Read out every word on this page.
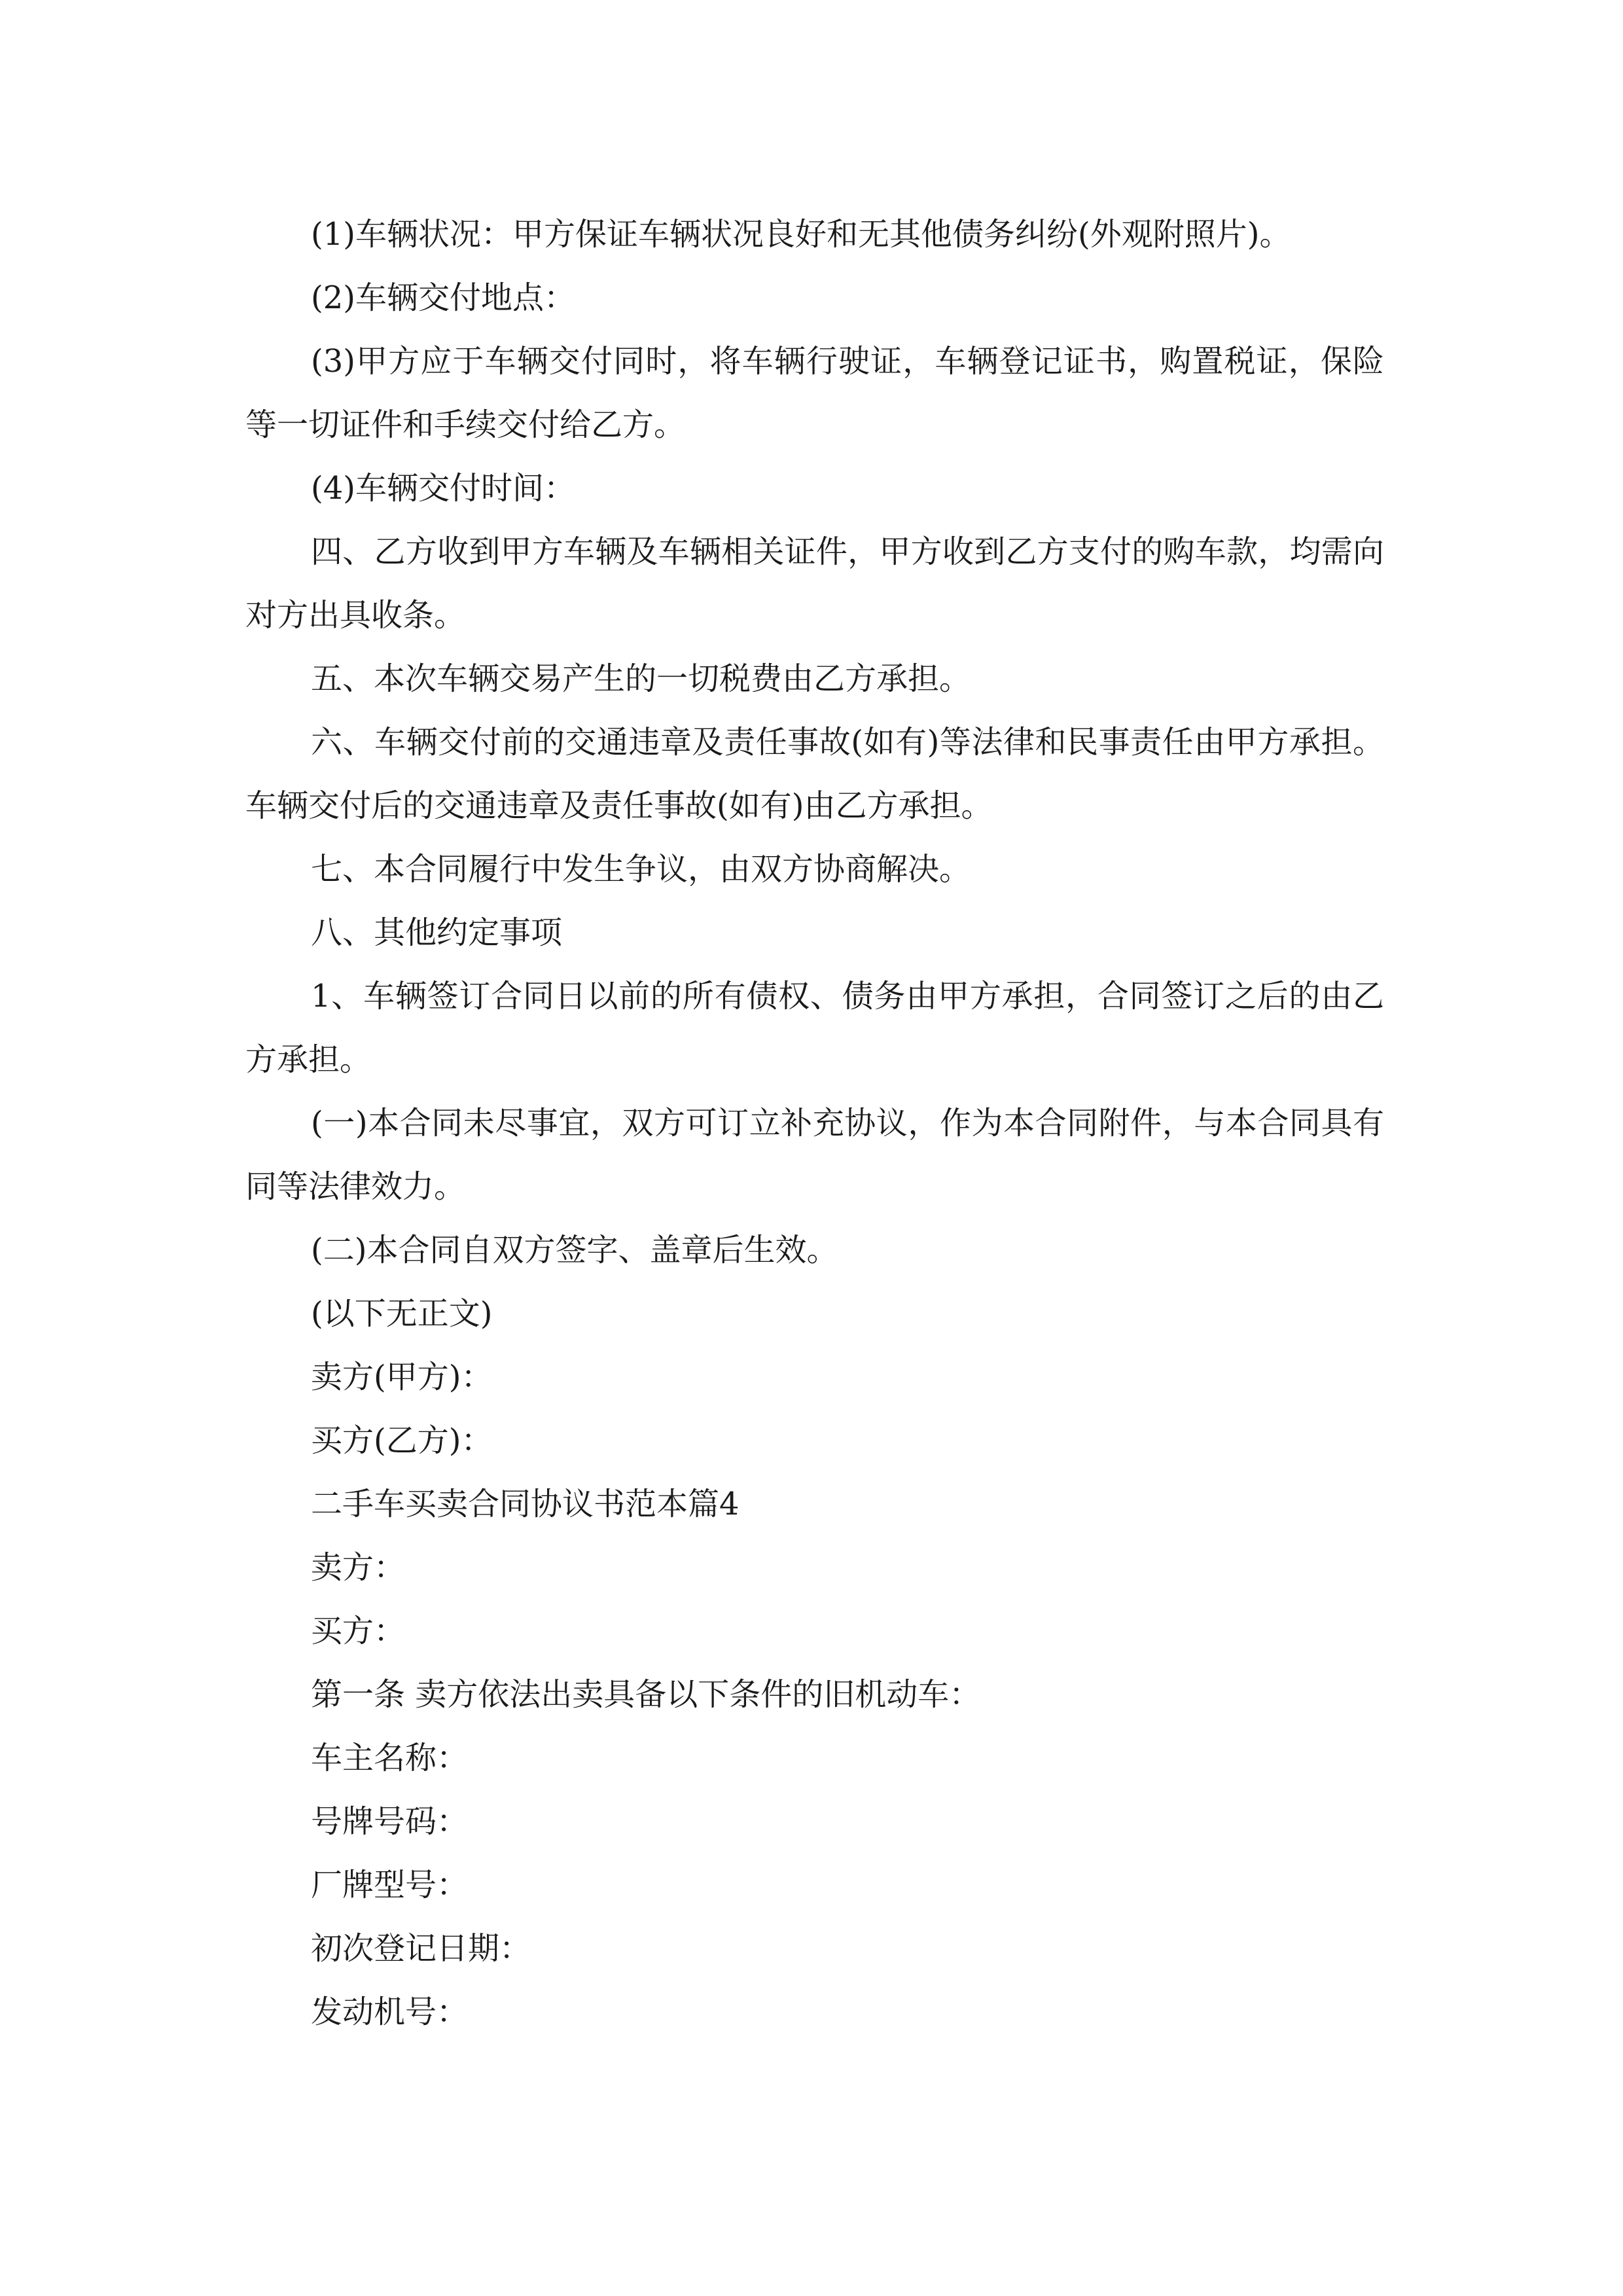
(1)车辆状况：甲方保证车辆状况良好和无其他债务纠纷(外观附照片)。

(2)车辆交付地点：

(3)甲方应于车辆交付同时，将车辆行驶证，车辆登记证书，购置税证，保险等一切证件和手续交付给乙方。

(4)车辆交付时间：

四、乙方收到甲方车辆及车辆相关证件，甲方收到乙方支付的购车款，均需向对方出具收条。

五、本次车辆交易产生的一切税费由乙方承担。

六、车辆交付前的交通违章及责任事故(如有)等法律和民事责任由甲方承担。车辆交付后的交通违章及责任事故(如有)由乙方承担。

七、本合同履行中发生争议，由双方协商解决。

八、其他约定事项

1、车辆签订合同日以前的所有债权、债务由甲方承担，合同签订之后的由乙方承担。

(一)本合同未尽事宜，双方可订立补充协议，作为本合同附件，与本合同具有同等法律效力。

(二)本合同自双方签字、盖章后生效。

(以下无正文)

卖方(甲方)：

买方(乙方)：

二手车买卖合同协议书范本篇4

卖方：

买方：

第一条 卖方依法出卖具备以下条件的旧机动车：

车主名称：

号牌号码：

厂牌型号：

初次登记日期：

发动机号：
